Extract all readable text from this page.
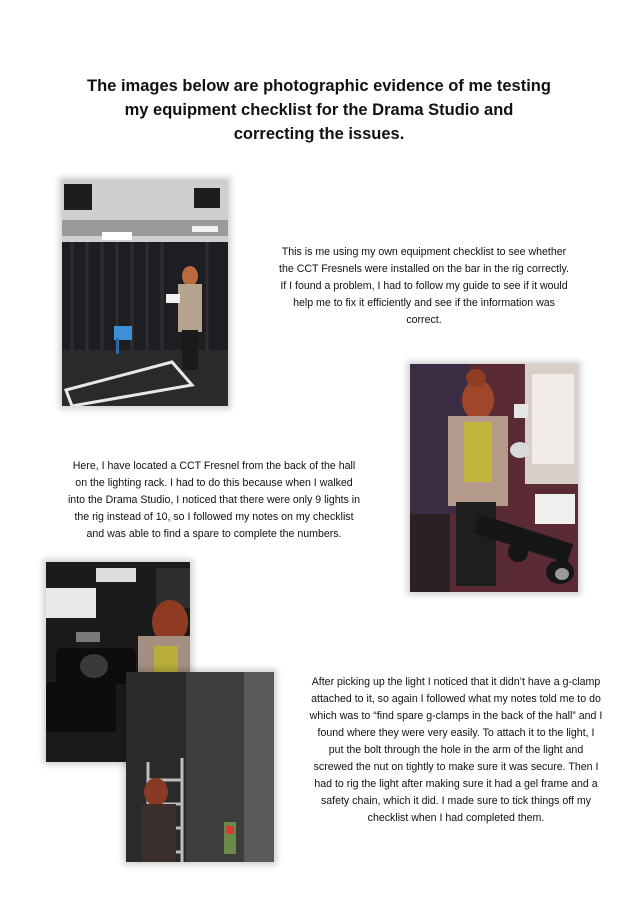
The images below are photographic evidence of me testing
my equipment checklist for the Drama Studio and
correcting the issues.
This is me using my own equipment checklist to see whether
the CCT Fresnels were installed on the bar in the rig correctly.
If I found a problem, I had to follow my guide to see if it would
help me to fix it efficiently and see if the information was
correct.
Here, I have located a CCT Fresnel from the back of the hall
on the lighting rack. I had to do this because when I walked
into the Drama Studio, I noticed that there were only 9 lights in
the rig instead of 10, so I followed my notes on my checklist
and was able to find a spare to complete the numbers.
After picking up the light I noticed that it didn’t have a g-clamp
attached to it, so again I followed what my notes told me to do
which was to “find spare g-clamps in the back of the hall” and I
found where they were very easily. To attach it to the light, I
put the bolt through the hole in the arm of the light and
screwed the nut on tightly to make sure it was secure. Then I
had to rig the light after making sure it had a gel frame and a
safety chain, which it did. I made sure to tick things off my
checklist when I had completed them.
